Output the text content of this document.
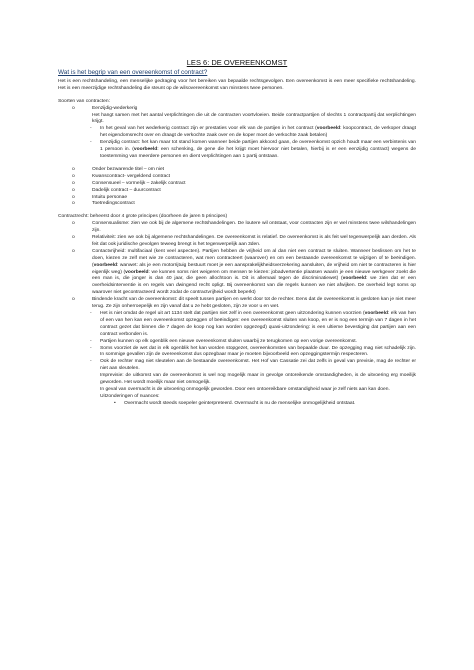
LES 6: DE OVEREENKOMST
Wat is het begrip van een overeenkomst of contract?

Het is een rechtshandeling, een menselijke gedraging voor het bereiken van bepaalde rechtsgevolgen. Een overeenkomst is een meer specifieke rechtshandeling. Het is een meerzijdige rechtshandeling die steunt op de wilsovereenkomst van minstens twee personen.

Soorten van contracten:

o	Eenzijdig-wederkerig
Het hangt samen met het aantal verplichtingen die uit de contracten voortvloeien. Beide contractpartijen of slechts 1 contractpartij dat verplichtingen krijgt.
-	In het geval van het wederkerig contract zijn er prestaties voor elk van de partijen in het contract (voorbeeld: koopcontract, de verkoper draagt het eigendomsrecht over en draagt de verkochte zaak over en de koper moet de verkochte zaak betalen)
-	Eenzijdig contract: het kan maar tot stand komen wanneer beide partijen akkoord gaan, de overeenkomst opzich houdt maar een verbintenis van 1 persoon in. (voorbeeld: een schenking, de gene die het krijgt moet hiervoor niet betalen, hierbij is er een eenzijdig contract) wegens de toestemming van meerdere personen en dient verplichtingen aan 1 partij ontstaan.
o	Onder bezwarende titel – om niet
o	Kwanscontract- vergeldend contract
o	Consensueel – vormelijk – zakelijk contract
o	Dadelijk contract – duurcontract
o	Intuitu personae
o	Toetredingscontract

Contractrecht: beheerst door 4 grote principes (doorheen de jaren 5 principes)

o	Consensualisme: zien we ook bij de algemene rechtshandelingen. De loutere wil ontstaat, voor contracten zijn er wel minstens twee wilshandelingen zijn.
o	Relativiteit: zien we ook bij algemene rechtshandelingen. De overeenkomst is relatief. De overeenkomst is als feit wel tegenwerpelijk aan derden. Als feit dat ook juridische gevolgen teweeg brengt is het tegenwerpelijk aan 3den.
o	Contactvrijheid: multifaciaal (kent veel aspecten). Partijen hebben de vrijheid om al dan niet een contract te sluiten. Wanneer beslissen om het te doen, kiezen ze zelf met wie ze contracteren, wat men contracteert (waarover) en om een bestaande overeenkomst te wijzigen of te beëindigen. (voorbeeld: wanwet: als je een motorrijtuig bestuurt moet je een aansprakelijkheidsverzekering aansluiten, de vrijheid om niet te contracteren is hier eigenlijk weg) (voorbeeld: we kunnen soms niet weigeren om mensen te kiezen: jobadvertentie plaatsen waarin je een nieuwe werkgever zoekt die een man is, die jonger is dan 40 jaar, die geen allochtoon is. Dit is allemaal tegen de discriminatiewet) (voorbeeld: we zien dat er een overheidsinterventie is en regels van dwingend recht opligt. Bij overeenkomst van die regels kunnen we niet afwijken. De overheid legt soms op waarover niet gecontracteerd wordt zodat de contractvrijheid wordt beperkt)
o	Bindende kracht van de overeenkomst: dit speelt tussen partijen en werkt door tot de rechter. Eens dat de overeenkomst is gesloten kan je niet meer terug. Ze zijn onherroepelijk en zijn vanaf dat u ze hebt gesloten, zijn ze voor u en wet.
-	Het is niet omdat de regel uit art 1134 stelt dat partijen niet zelf in een overeenkomst geen uitzondering kunnen voorzien (voorbeeld: elk van hen of een van hen kan een overeenkomst opzeggen of beëindigen: een overeenkomst sluiten van koop, en er is nog een termijn van 7 dagen in het contract gezet dat binnen die 7 dagen de koop nog kan worden opgezegd) quasi-uitzondering: is een ultieme bevestiging dat partijen aan een contract verbonden is.
-	Partijen kunnen op elk ogenblik een nieuwe overeenkomst sluiten waarbij ze terugkomen op een vorige overeenkomst.
-	Soms voorziet de wet dat in elk ogenblik het kan worden stopgezet, overeenkomsten van bepaalde duur. De opzegging mag niet schadelijk zijn. In sommige gevallen zijn de overeenkomst dus opzegbaar maar je moeten bijvoorbeeld een opzeggingstermijn respecteren.
-	Ook de rechter mag niet sleutelen aan de bestaande overeenkomst. Het Hof van Cassatie zei dat zelfs in geval van previsie, mag de rechter er niet aan sleutelen.
Imprevisie: de uitkomst van de overeenkomst is wel nog mogelijk maar in gevolge ontoreikende omstandigheden, is de uitvoering erg moeilijk geworden. Het wordt moeilijk maar niet onmogelijk.
In geval van overmacht is de uitvoering onmogelijk geworden. Door een ontoereikbare omstandigheid waar je zelf niets aan kan doen.
Uitzonderingen of nuances:
•	Overmacht wordt steeds soepeler geinterpreteerd. Overmacht is nu de menselijke onmogelijkheid ontstaat.
